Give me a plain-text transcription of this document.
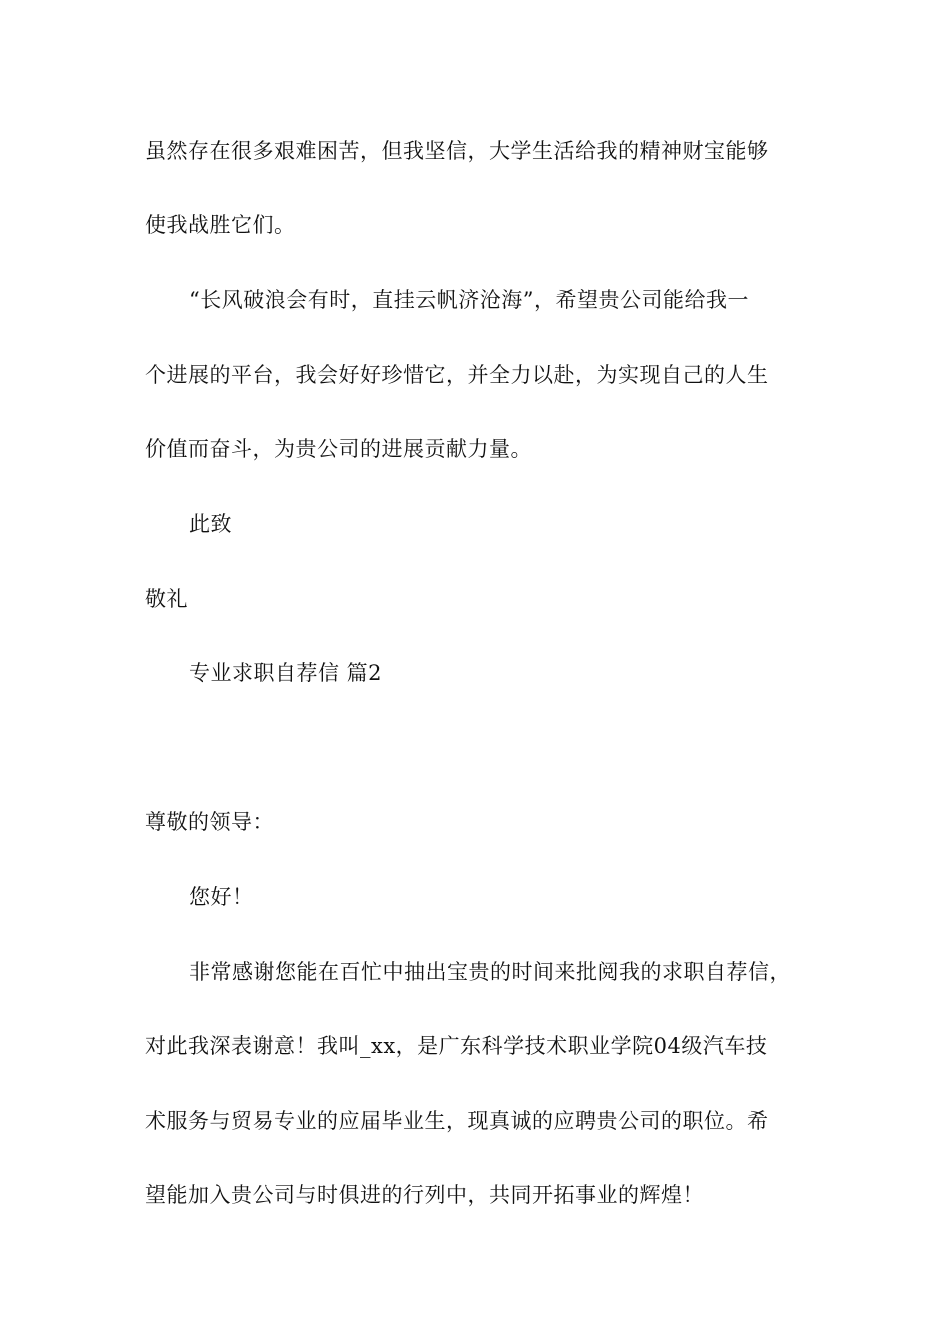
虽然存在很多艰难困苦，但我坚信，大学生活给我的精神财宝能够

使我战胜它们。

“长风破浪会有时，直挂云帆济沧海”，希望贵公司能给我一

个进展的平台，我会好好珍惜它，并全力以赴，为实现自己的人生

价值而奋斗，为贵公司的进展贡献力量。

此致

敬礼

专业求职自荐信 篇2

尊敬的领导：

您好！

非常感谢您能在百忙中抽出宝贵的时间来批阅我的求职自荐信，

对此我深表谢意！我叫_xx，是广东科学技术职业学院04级汽车技

术服务与贸易专业的应届毕业生，现真诚的应聘贵公司的职位。希

望能加入贵公司与时俱进的行列中，共同开拓事业的辉煌！
